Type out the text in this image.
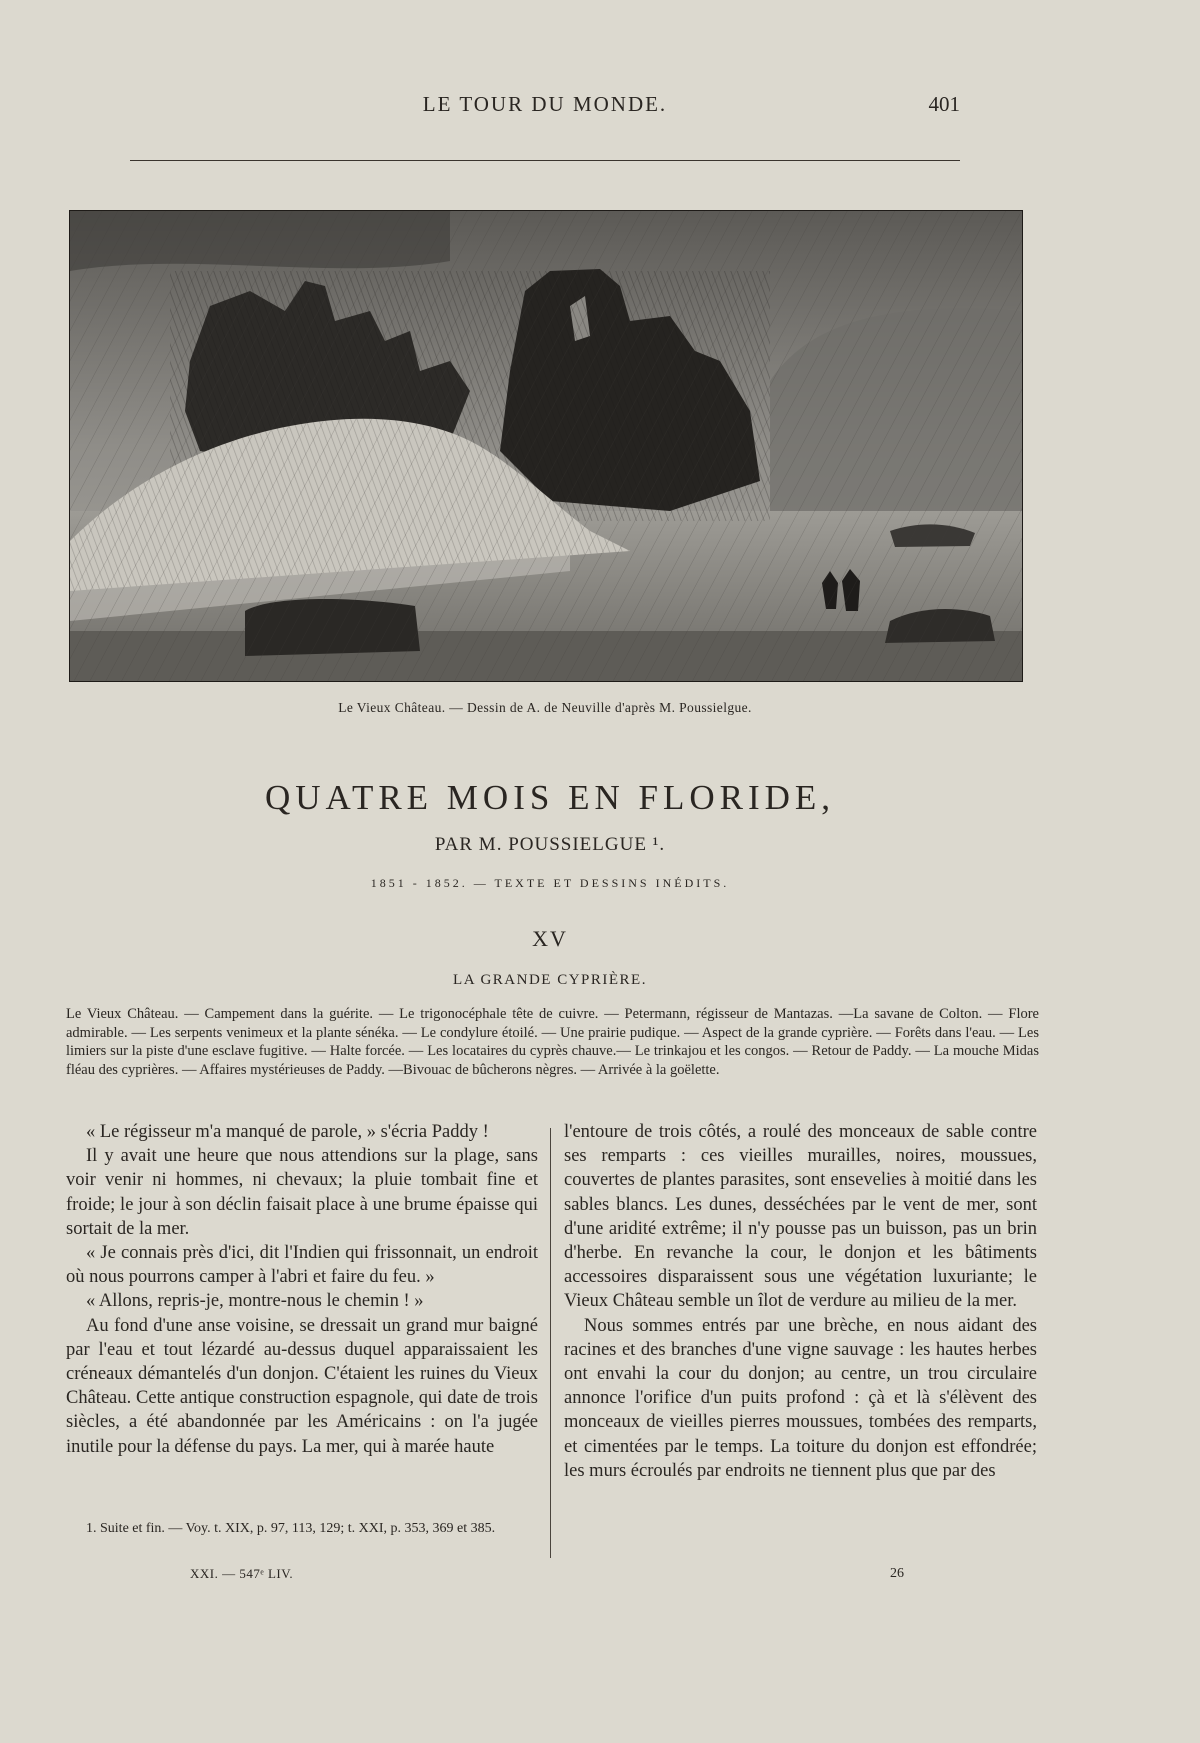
LE TOUR DU MONDE.	401
Le Vieux Château. — Dessin de A. de Neuville d'après M. Poussielgue.
QUATRE MOIS EN FLORIDE,
PAR M. POUSSIELGUE ¹.
1851 - 1852. — TEXTE ET DESSINS INÉDITS.
XV
LA GRANDE CYPRIÈRE.
Le Vieux Château. — Campement dans la guérite. — Le trigonocéphale tête de cuivre. — Petermann, régisseur de Mantazas. —La savane de Colton. — Flore admirable. — Les serpents venimeux et la plante sénéka. — Le condylure étoilé. — Une prairie pudique. — Aspect de la grande cyprière. — Forêts dans l'eau. — Les limiers sur la piste d'une esclave fugitive. — Halte forcée. — Les locataires du cyprès chauve.— Le trinkajou et les congos. — Retour de Paddy. — La mouche Midas fléau des cyprières. — Affaires mystérieuses de Paddy. —Bivouac de bûcherons nègres. — Arrivée à la goëlette.

« Le régisseur m'a manqué de parole, » s'écria Paddy !

Il y avait une heure que nous attendions sur la plage, sans voir venir ni hommes, ni chevaux; la pluie tombait fine et froide; le jour à son déclin faisait place à une brume épaisse qui sortait de la mer.

« Je connais près d'ici, dit l'Indien qui frissonnait, un endroit où nous pourrons camper à l'abri et faire du feu. »

« Allons, repris-je, montre-nous le chemin ! »

Au fond d'une anse voisine, se dressait un grand mur baigné par l'eau et tout lézardé au-dessus duquel apparaissaient les créneaux démantelés d'un donjon. C'étaient les ruines du Vieux Château. Cette antique construction espagnole, qui date de trois siècles, a été abandonnée par les Américains : on l'a jugée inutile pour la défense du pays. La mer, qui à marée haute

l'entoure de trois côtés, a roulé des monceaux de sable contre ses remparts : ces vieilles murailles, noires, moussues, couvertes de plantes parasites, sont ensevelies à moitié dans les sables blancs. Les dunes, desséchées par le vent de mer, sont d'une aridité extrême; il n'y pousse pas un buisson, pas un brin d'herbe. En revanche la cour, le donjon et les bâtiments accessoires disparaissent sous une végétation luxuriante; le Vieux Château semble un îlot de verdure au milieu de la mer.

Nous sommes entrés par une brèche, en nous aidant des racines et des branches d'une vigne sauvage : les hautes herbes ont envahi la cour du donjon; au centre, un trou circulaire annonce l'orifice d'un puits profond : çà et là s'élèvent des monceaux de vieilles pierres moussues, tombées des remparts, et cimentées par le temps. La toiture du donjon est effondrée; les murs écroulés par endroits ne tiennent plus que par des

1. Suite et fin. — Voy. t. XIX, p. 97, 113, 129; t. XXI, p. 353, 369 et 385.

XXI. — 547ᵉ LIV.	26
